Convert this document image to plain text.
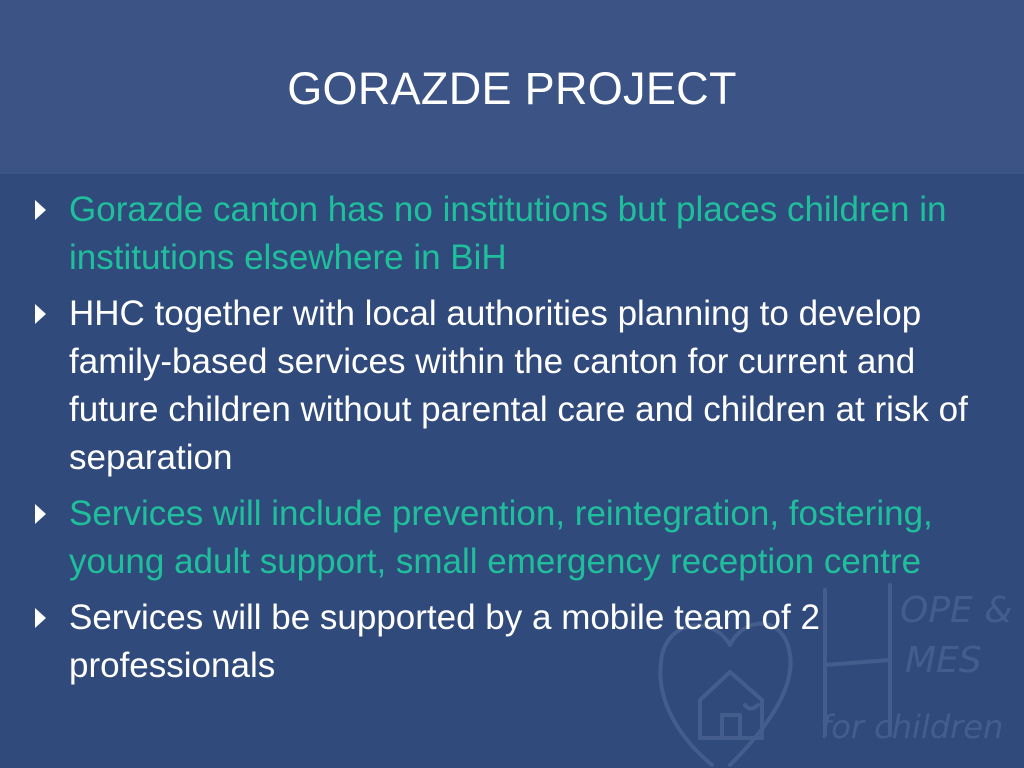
GORAZDE PROJECT
OPE &
MES
for children
Gorazde canton has no institutions but places children in institutions elsewhere in BiH
HHC together with local authorities planning to develop family-based services within the canton for current and future children without parental care and children at risk of separation
Services will include prevention, reintegration, fostering, young adult support, small emergency reception centre
Services will be supported by a mobile team of 2 professionals
